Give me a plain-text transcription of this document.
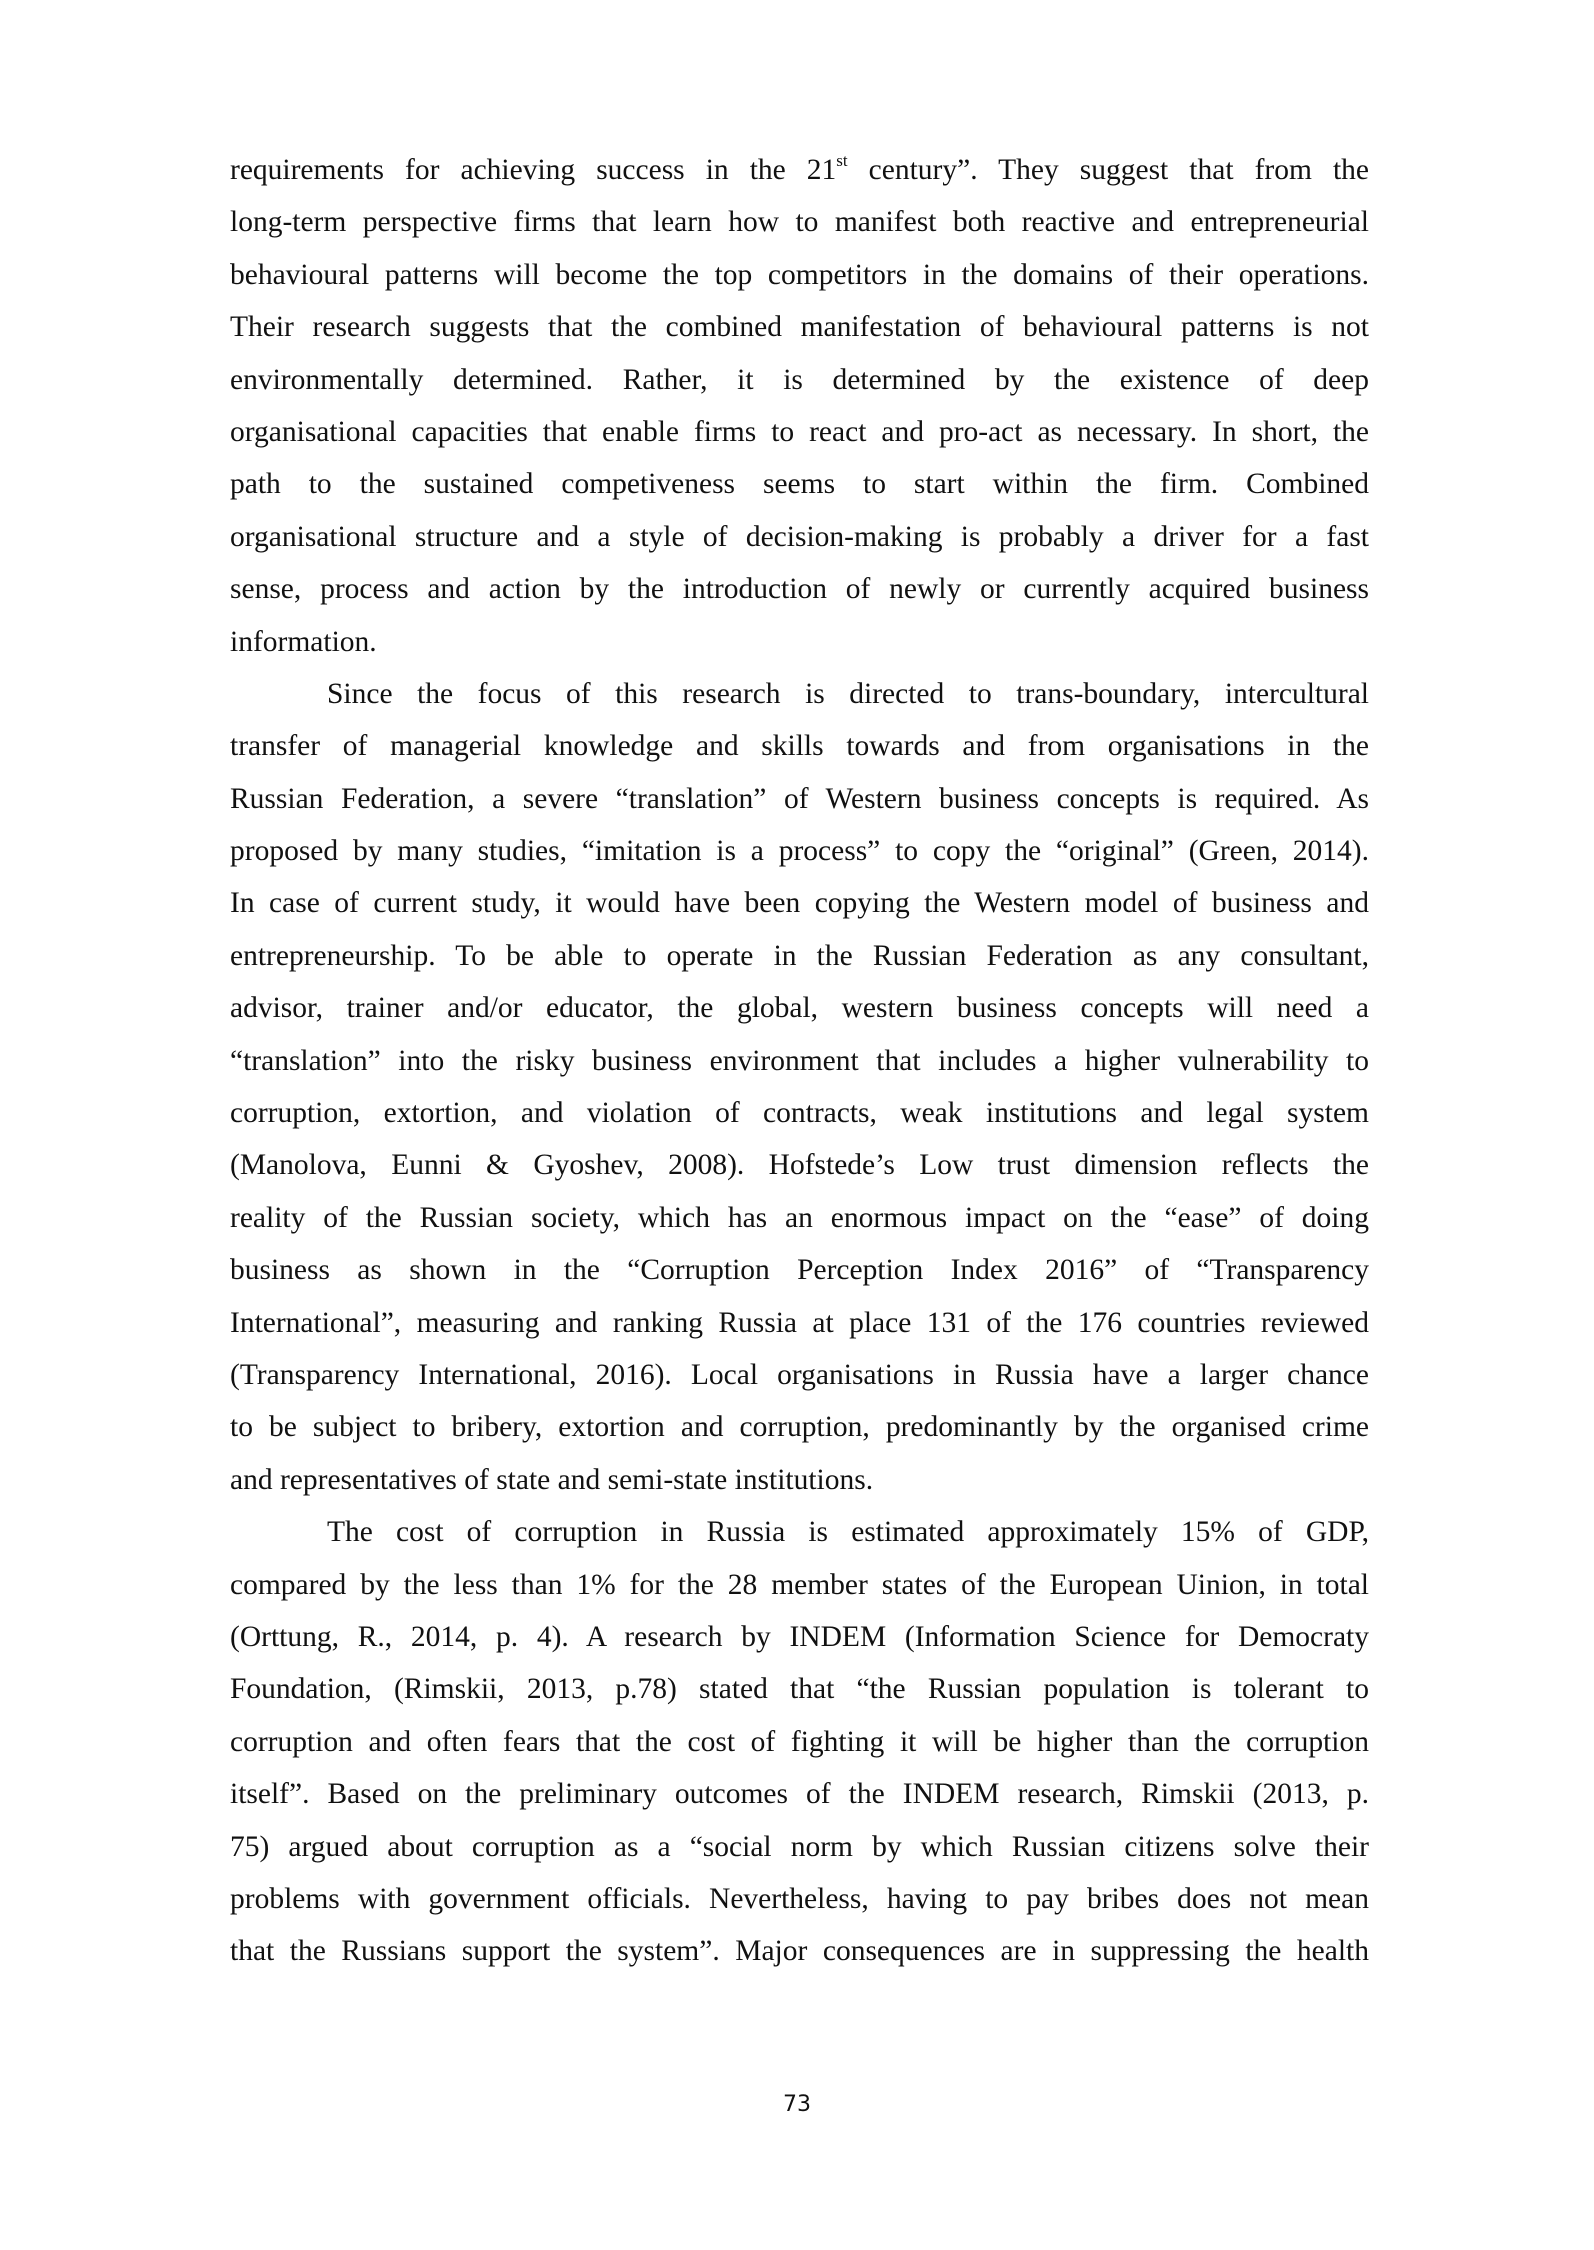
requirements for achieving success in the 21st century”. They suggest that from the
long-term perspective firms that learn how to manifest both reactive and entrepreneurial
behavioural patterns will become the top competitors in the domains of their operations.
Their research suggests that the combined manifestation of behavioural patterns is not
environmentally determined. Rather, it is determined by the existence of deep
organisational capacities that enable firms to react and pro-act as necessary. In short, the
path to the sustained competiveness seems to start within the firm. Combined
organisational structure and a style of decision-making is probably a driver for a fast
sense, process and action by the introduction of newly or currently acquired business
information.
Since the focus of this research is directed to trans-boundary, intercultural
transfer of managerial knowledge and skills towards and from organisations in the
Russian Federation, a severe “translation” of Western business concepts is required. As
proposed by many studies, “imitation is a process” to copy the “original” (Green, 2014).
In case of current study, it would have been copying the Western model of business and
entrepreneurship. To be able to operate in the Russian Federation as any consultant,
advisor, trainer and/or educator, the global, western business concepts will need a
“translation” into the risky business environment that includes a higher vulnerability to
corruption, extortion, and violation of contracts, weak institutions and legal system
(Manolova, Eunni & Gyoshev, 2008). Hofstede’s Low trust dimension reflects the
reality of the Russian society, which has an enormous impact on the “ease” of doing
business as shown in the “Corruption Perception Index 2016” of “Transparency
International”, measuring and ranking Russia at place 131 of the 176 countries reviewed
(Transparency International, 2016). Local organisations in Russia have a larger chance
to be subject to bribery, extortion and corruption, predominantly by the organised crime
and representatives of state and semi-state institutions.
The cost of corruption in Russia is estimated approximately 15% of GDP,
compared by the less than 1% for the 28 member states of the European Uinion, in total
(Orttung, R., 2014, p. 4). A research by INDEM (Information Science for Democraty
Foundation, (Rimskii, 2013, p.78) stated that “the Russian population is tolerant to
corruption and often fears that the cost of fighting it will be higher than the corruption
itself”. Based on the preliminary outcomes of the INDEM research, Rimskii (2013, p.
75) argued about corruption as a “social norm by which Russian citizens solve their
problems with government officials. Nevertheless, having to pay bribes does not mean
that the Russians support the system”. Major consequences are in suppressing the health
73
